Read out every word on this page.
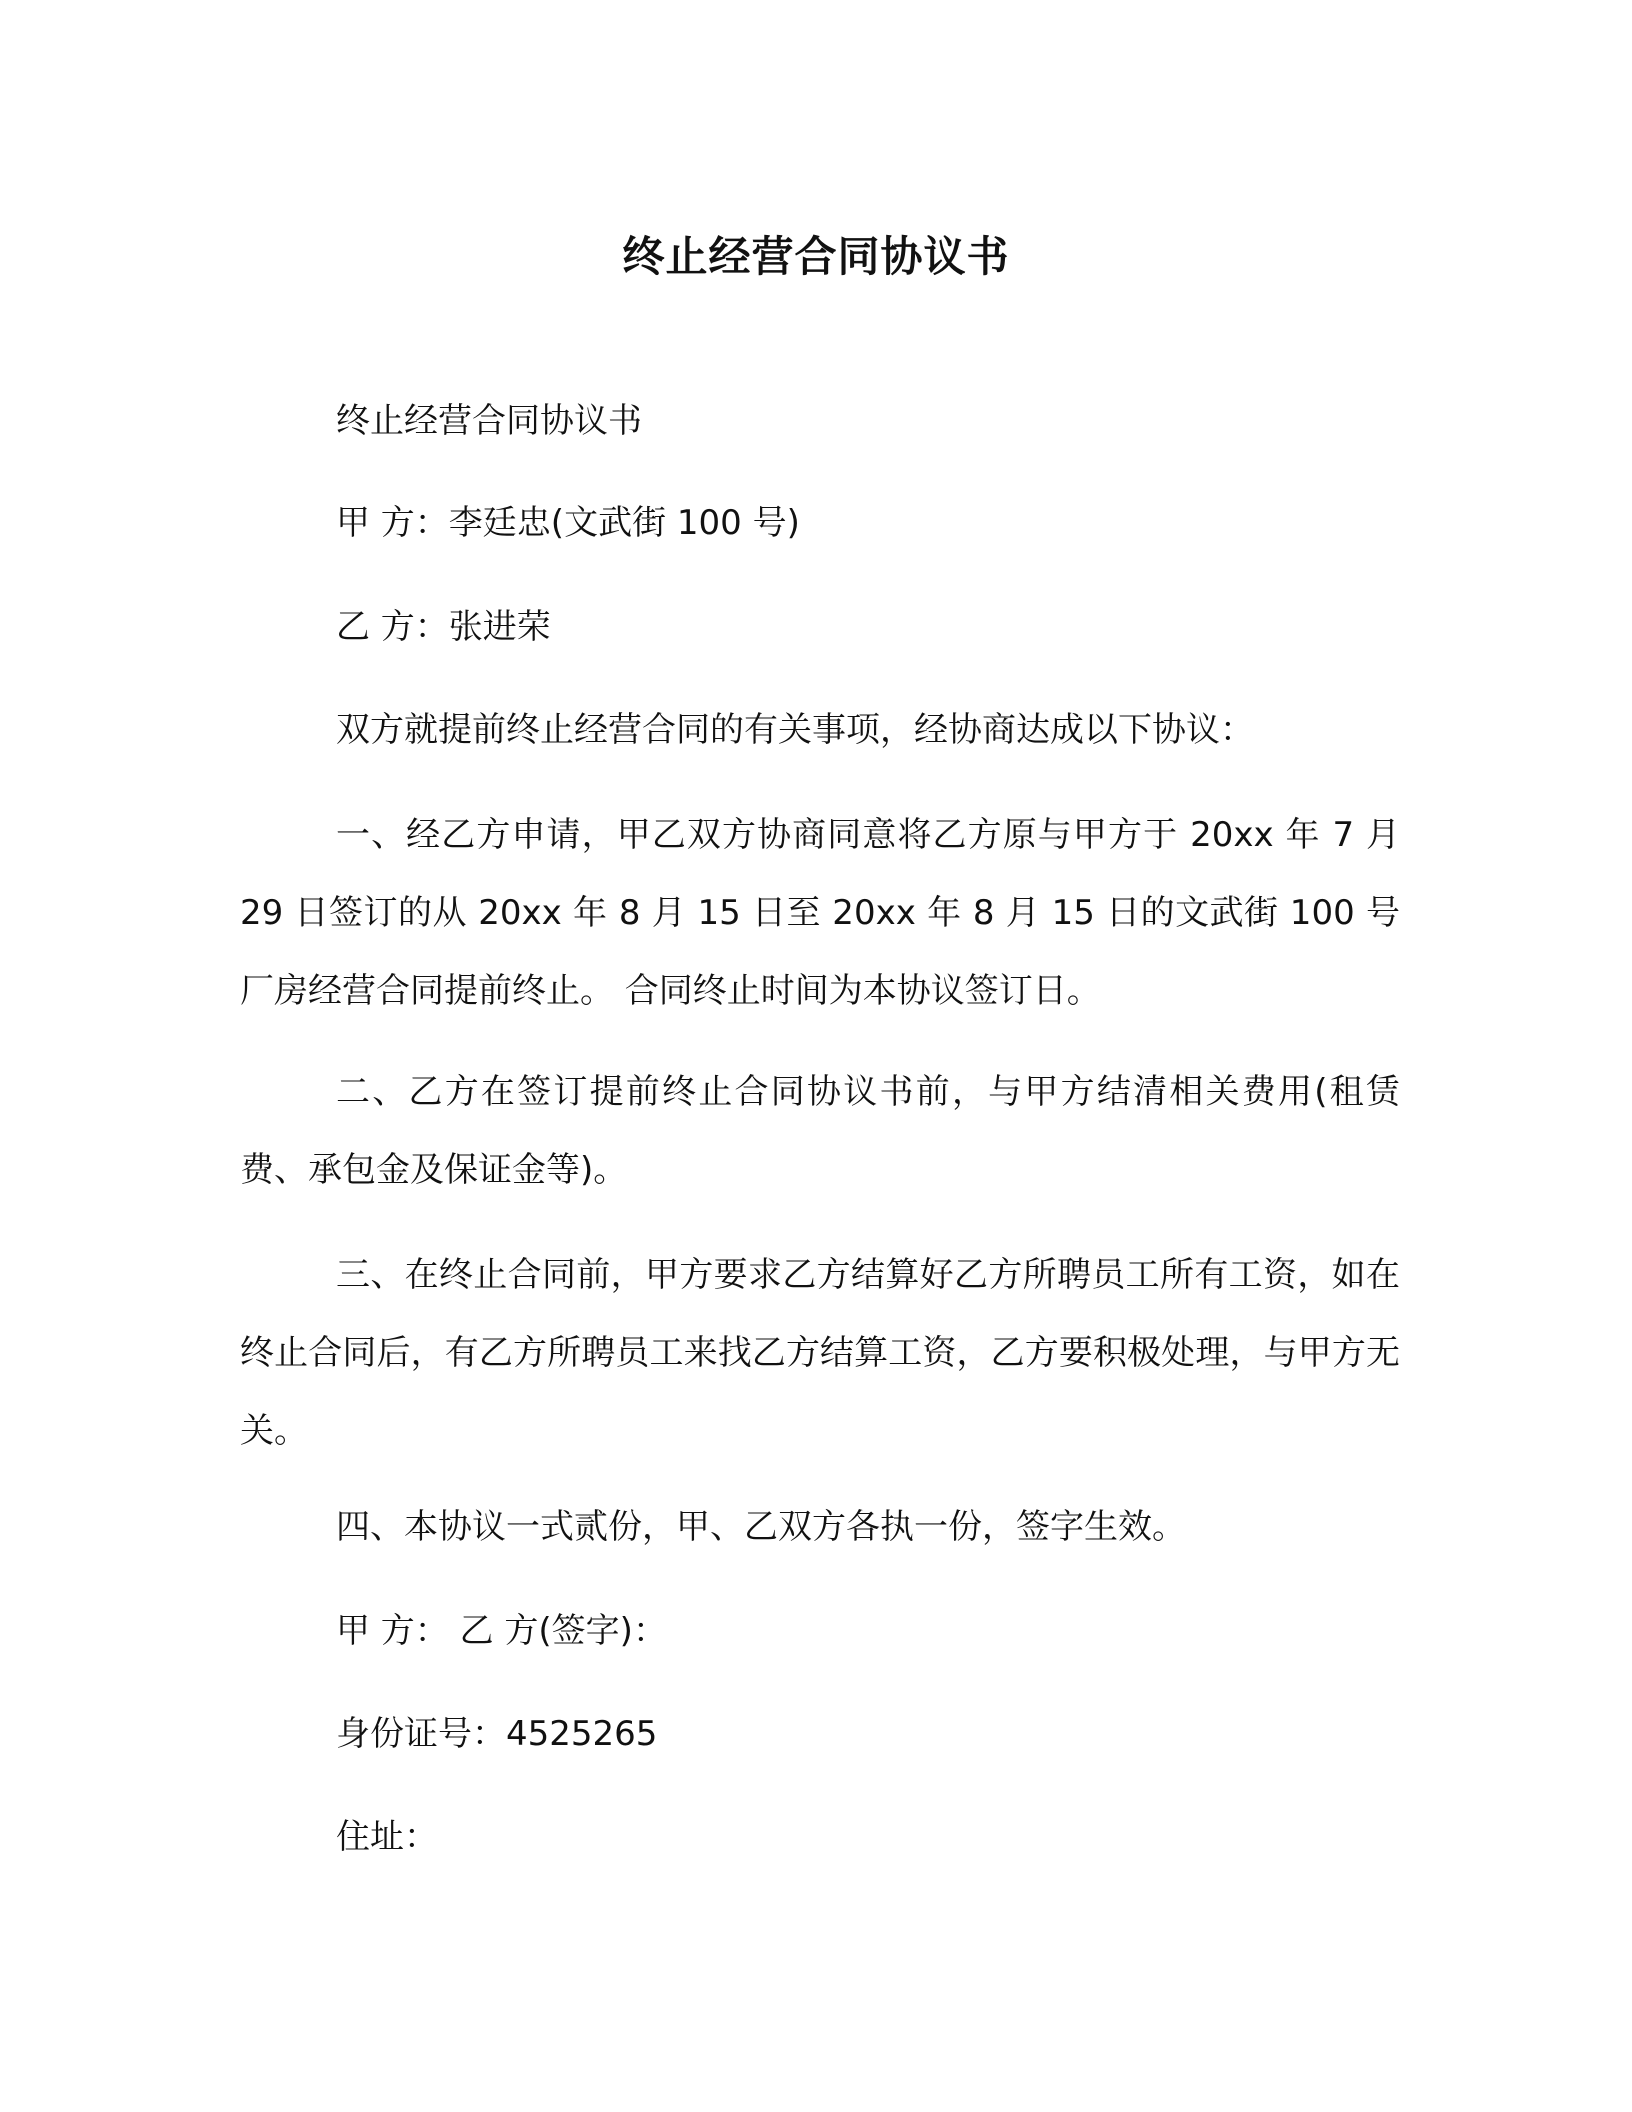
终止经营合同协议书

终止经营合同协议书

甲 方：李廷忠(文武街 100 号)

乙 方：张进荣

双方就提前终止经营合同的有关事项，经协商达成以下协议：

一、经乙方申请，甲乙双方协商同意将乙方原与甲方于 20xx 年 7 月 29 日签订的从 20xx 年 8 月 15 日至 20xx 年 8 月 15 日的文武街 100 号厂房经营合同提前终止。 合同终止时间为本协议签订日。

二、乙方在签订提前终止合同协议书前，与甲方结清相关费用(租赁费、承包金及保证金等)。

三、在终止合同前，甲方要求乙方结算好乙方所聘员工所有工资，如在终止合同后，有乙方所聘员工来找乙方结算工资，乙方要积极处理，与甲方无关。

四、本协议一式贰份，甲、乙双方各执一份，签字生效。

甲 方： 乙 方(签字)：

身份证号：4525265

住址：
